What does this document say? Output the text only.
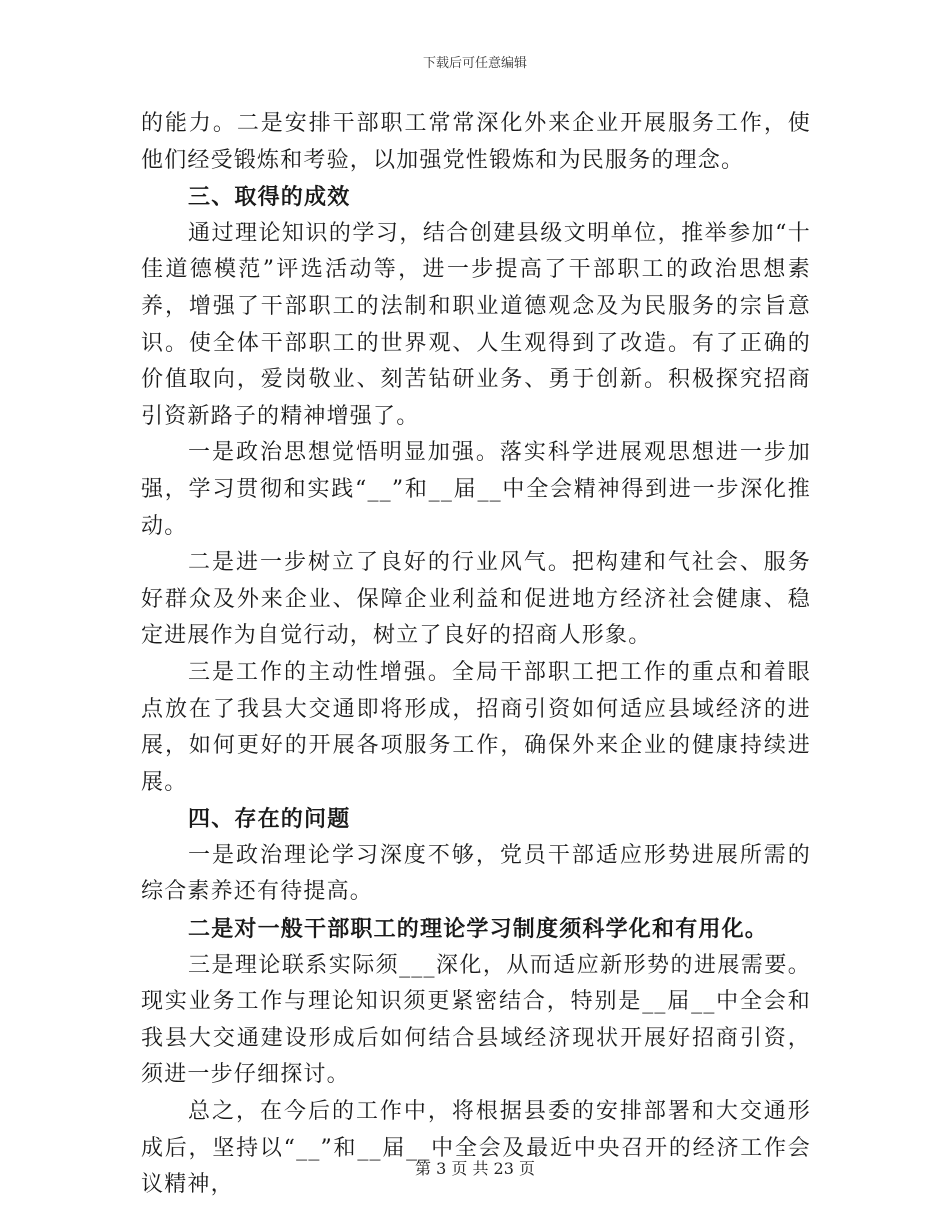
下载后可任意编辑

的能力。二是安排干部职工常常深化外来企业开展服务工作，使他们经受锻炼和考验，以加强党性锻炼和为民服务的理念。

三、取得的成效

通过理论知识的学习，结合创建县级文明单位，推举参加“十佳道德模范”评选活动等，进一步提高了干部职工的政治思想素养，增强了干部职工的法制和职业道德观念及为民服务的宗旨意识。使全体干部职工的世界观、人生观得到了改造。有了正确的价值取向，爱岗敬业、刻苦钻研业务、勇于创新。积极探究招商引资新路子的精神增强了。

一是政治思想觉悟明显加强。落实科学进展观思想进一步加强，学习贯彻和实践“__”和__届__中全会精神得到进一步深化推动。

二是进一步树立了良好的行业风气。把构建和气社会、服务好群众及外来企业、保障企业利益和促进地方经济社会健康、稳定进展作为自觉行动，树立了良好的招商人形象。

三是工作的主动性增强。全局干部职工把工作的重点和着眼点放在了我县大交通即将形成，招商引资如何适应县域经济的进展，如何更好的开展各项服务工作，确保外来企业的健康持续进展。

四、存在的问题

一是政治理论学习深度不够，党员干部适应形势进展所需的综合素养还有待提高。

二是对一般干部职工的理论学习制度须科学化和有用化。

三是理论联系实际须___深化，从而适应新形势的进展需要。现实业务工作与理论知识须更紧密结合，特别是__届__中全会和我县大交通建设形成后如何结合县域经济现状开展好招商引资，须进一步仔细探讨。

总之，在今后的工作中，将根据县委的安排部署和大交通形成后，坚持以“__”和__届__中全会及最近中央召开的经济工作会议精神，

第 3 页 共 23 页
